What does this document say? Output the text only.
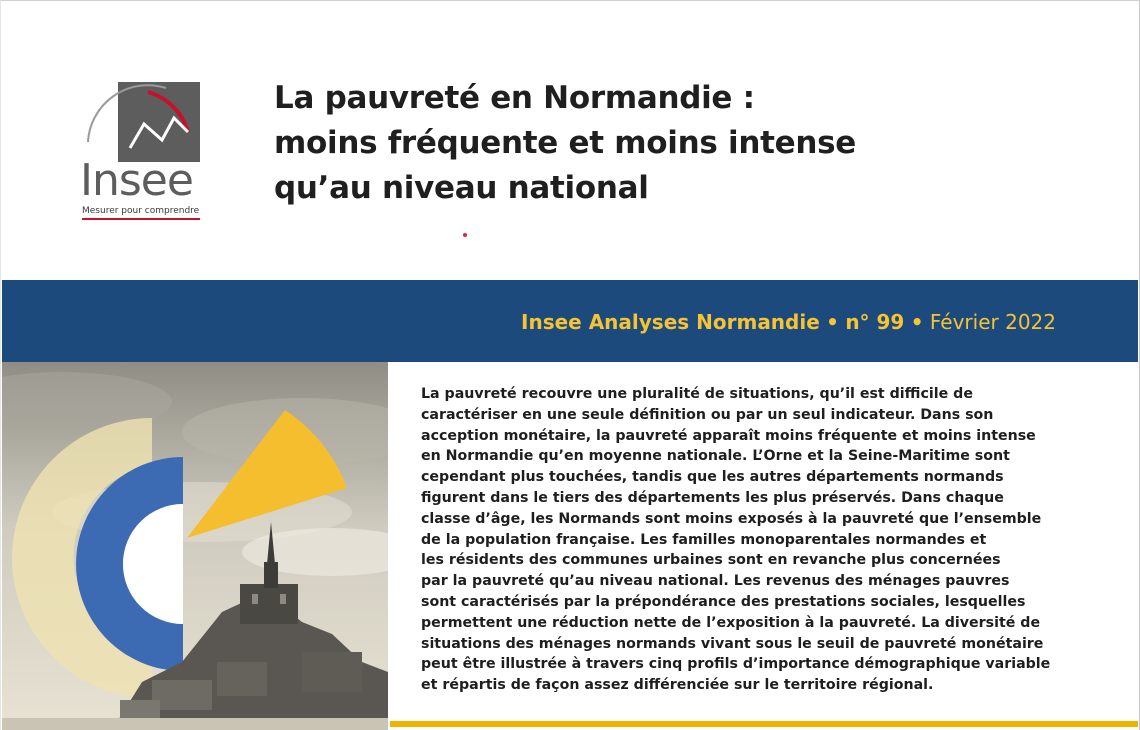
Insee
Mesurer pour comprendre
La pauvreté en Normandie :
moins fréquente et moins intense
qu’au niveau national
Insee Analyses Normandie • n° 99 • Février 2022
La pauvreté recouvre une pluralité de situations, qu’il est difficile de
caractériser en une seule définition ou par un seul indicateur. Dans son
acception monétaire, la pauvreté apparaît moins fréquente et moins intense
en Normandie qu’en moyenne nationale. L’Orne et la Seine-Maritime sont
cependant plus touchées, tandis que les autres départements normands
figurent dans le tiers des départements les plus préservés. Dans chaque
classe d’âge, les Normands sont moins exposés à la pauvreté que l’ensemble
de la population française. Les familles monoparentales normandes et
les résidents des communes urbaines sont en revanche plus concernées
par la pauvreté qu’au niveau national. Les revenus des ménages pauvres
sont caractérisés par la prépondérance des prestations sociales, lesquelles
permettent une réduction nette de l’exposition à la pauvreté. La diversité de
situations des ménages normands vivant sous le seuil de pauvreté monétaire
peut être illustrée à travers cinq profils d’importance démographique variable
et répartis de façon assez différenciée sur le territoire régional.
